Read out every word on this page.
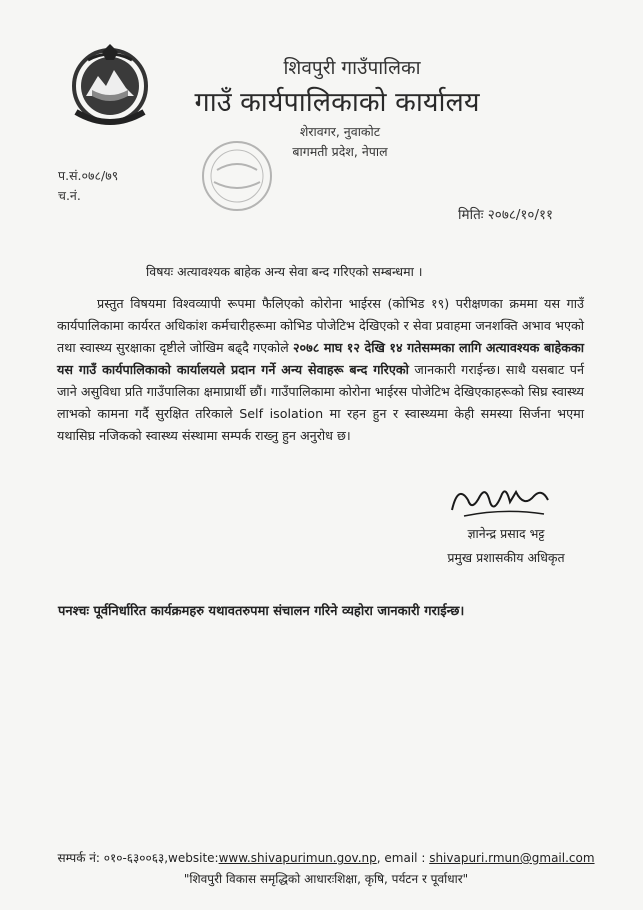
शिवपुरी गाउँपालिका
गाउँ कार्यपालिकाको कार्यालय
शेरावगर, नुवाकोट
बागमती प्रदेश, नेपाल
प.सं.०७८/७९
च.नं.
मितिः २०७८/१०/११
विषयः अत्यावश्यक बाहेक अन्य सेवा बन्द गरिएको सम्बन्धमा ।
प्रस्तुत विषयमा विश्वव्यापी रूपमा फैलिएको कोरोना भाईरस (कोभिड १९) परीक्षणका क्रममा यस गाउँ कार्यपालिकामा कार्यरत अधिकांश कर्मचारीहरूमा कोभिड पोजेटिभ देखिएको र सेवा प्रवाहमा जनशक्ति अभाव भएको तथा स्वास्थ्य सुरक्षाका दृष्टीले जोखिम बढ्दै गएकोले २०७८ माघ १२ देखि १४ गतेसम्मका लागि अत्यावश्यक बाहेकका यस गाउँ कार्यपालिकाको कार्यालयले प्रदान गर्ने अन्य सेवाहरू बन्द गरिएको जानकारी गराईन्छ। साथै यसबाट पर्न जाने असुविधा प्रति गाउँपालिका क्षमाप्रार्थी छौं। गाउँपालिकामा कोरोना भाईरस पोजेटिभ देखिएकाहरूको सिघ्र स्वास्थ्य लाभको कामना गर्दै सुरक्षित तरिकाले Self isolation मा रहन हुन र स्वास्थ्यमा केही समस्या सिर्जना भएमा यथासिघ्र नजिकको स्वास्थ्य संस्थामा सम्पर्क राख्नु हुन अनुरोध छ।
ज्ञानेन्द्र प्रसाद भट्ट
प्रमुख प्रशासकीय अधिकृत
पनश्चः पूर्वनिर्धारित कार्यक्रमहरु यथावतरुपमा संचालन गरिने व्यहोरा जानकारी गराईन्छ।
सम्पर्क नं: ०१०-६३००६३,website:www.shivapurimun.gov.np, email : shivapuri.rmun@gmail.com
"शिवपुरी विकास समृद्धिको आधारःशिक्षा, कृषि, पर्यटन र पूर्वाधार"
